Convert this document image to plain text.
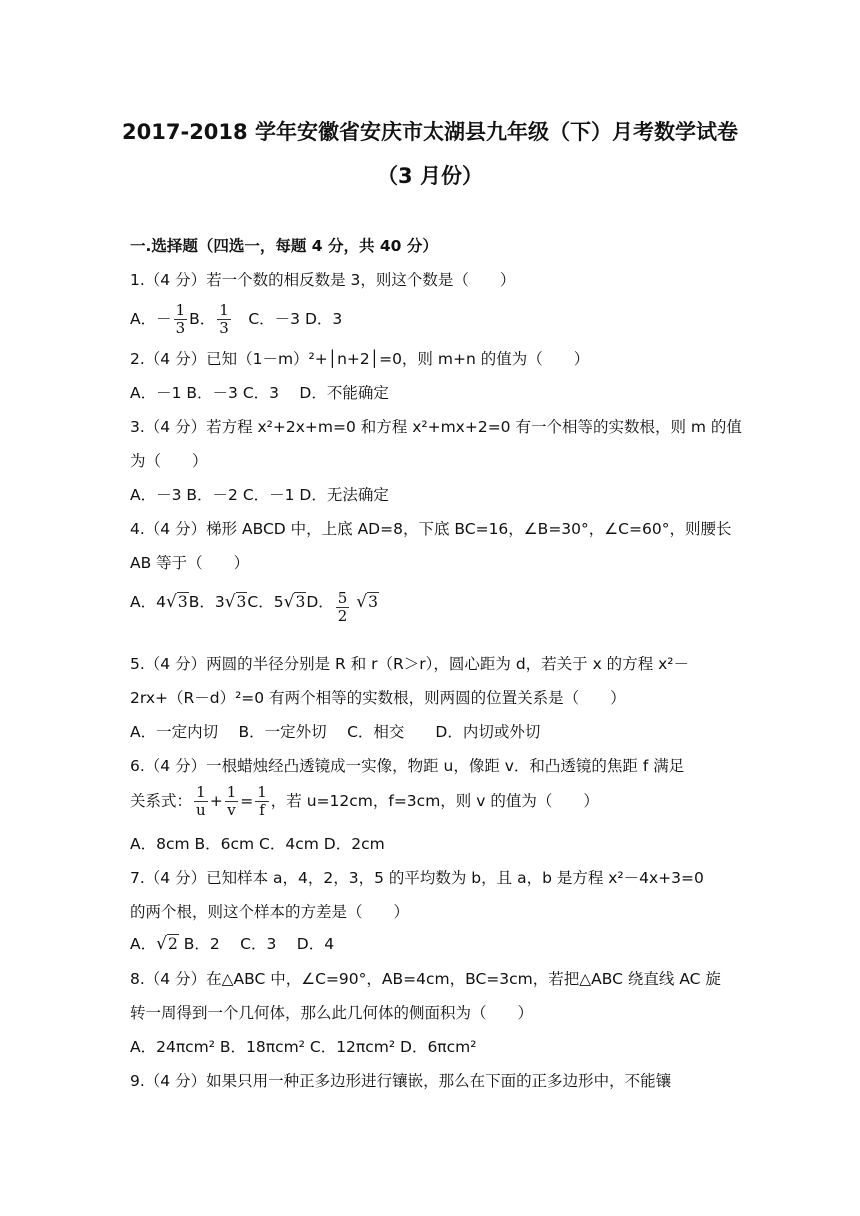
2017-2018 学年安徽省安庆市太湖县九年级（下）月考数学试卷
（3 月份）
一.选择题（四选一，每题 4 分，共 40 分）
1.（4 分）若一个数的相反数是 3，则这个数是（　　）
A．－ $\frac{1}{3}$ B． $\frac{1}{3}$ 　C．－3 D．3
2.（4 分）已知（1－m）²+│n+2│=0，则 m+n 的值为（　　）
A．－1 B．－3 C．3　 D．不能确定
3.（4 分）若方程 x²+2x+m=0 和方程 x²+mx+2=0 有一个相等的实数根，则 m 的值
为（　　）
A．－3 B．－2 C．－1 D．无法确定
4.（4 分）梯形 ABCD 中，上底 AD=8，下底 BC=16，∠B=30°，∠C=60°，则腰长
AB 等于（　　）
A．4√3B．3√3C．5√3D． $\frac{5}{2} √3$
5.（4 分）两圆的半径分别是 R 和 r（R＞r），圆心距为 d，若关于 x 的方程 x²－
2rx+（R－d）²=0 有两个相等的实数根，则两圆的位置关系是（　　）
A．一定内切　 B．一定外切　 C．相交　　D．内切或外切
6.（4 分）一根蜡烛经凸透镜成一实像，物距 u，像距 v．和凸透镜的焦距 f 满足
关系式： $\frac{1}{u} + \frac{1}{v} = \frac{1}{f}$ ，若 u=12cm，f=3cm，则 v 的值为（　　）
A．8cm B．6cm C．4cm D．2cm
7.（4 分）已知样本 a，4，2，3，5 的平均数为 b，且 a，b 是方程 x²－4x+3=0
的两个根，则这个样本的方差是（　　）
A．√2 B．2　 C．3　 D．4
8.（4 分）在△ABC 中，∠C=90°，AB=4cm，BC=3cm，若把△ABC 绕直线 AC 旋
转一周得到一个几何体，那么此几何体的侧面积为（　　）
A．24πcm² B．18πcm² C．12πcm² D．6πcm²
9.（4 分）如果只用一种正多边形进行镶嵌，那么在下面的正多边形中，不能镶
